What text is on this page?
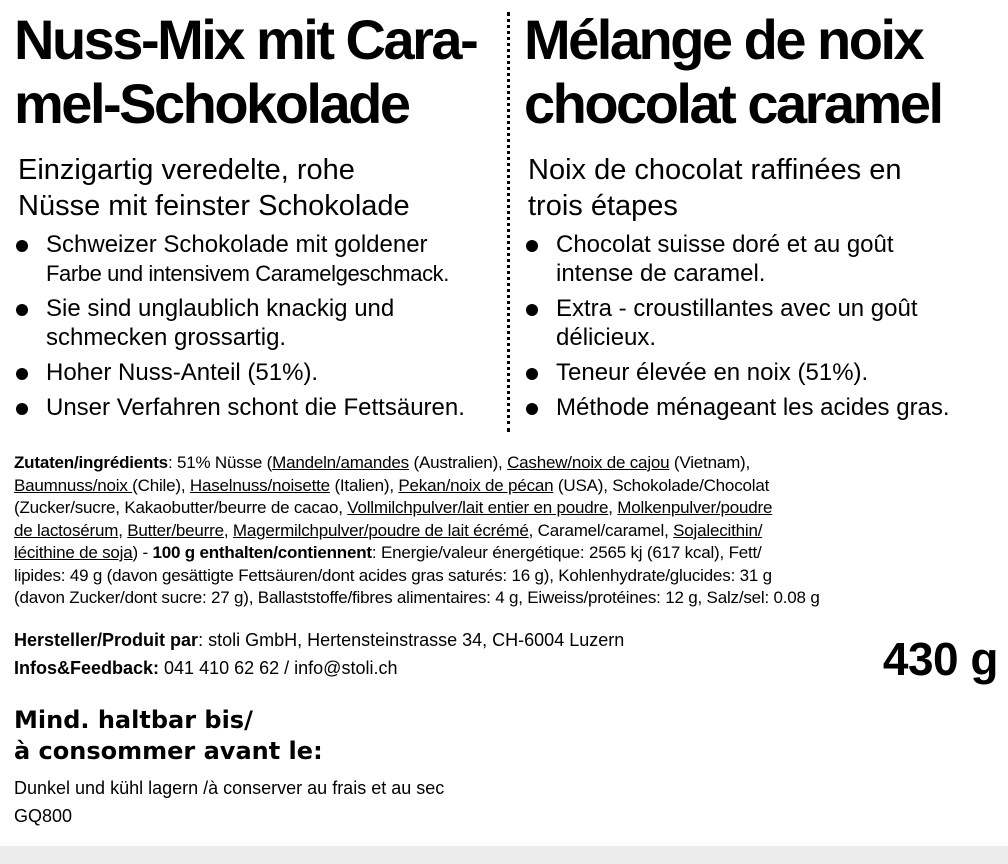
Nuss-Mix mit Cara-
mel-Schokolade
Einzigartig veredelte, rohe
Nüsse mit feinster Schokolade
Schweizer Schokolade mit goldener
Farbe und intensivem Caramelgeschmack.
Sie sind unglaublich knackig und
schmecken grossartig.
Hoher Nuss-Anteil (51%).
Unser Verfahren schont die Fettsäuren.
Mélange de noix
chocolat caramel
Noix de chocolat raffinées en
trois étapes
Chocolat suisse doré et au goût
intense de caramel.
Extra - croustillantes avec un goût
délicieux.
Teneur élevée en noix (51%).
Méthode ménageant les acides gras.
Zutaten/ingrédients: 51% Nüsse (Mandeln/amandes (Australien), Cashew/noix de cajou (Vietnam),
Baumnuss/noix (Chile), Haselnuss/noisette (Italien), Pekan/noix de pécan (USA), Schokolade/Chocolat
(Zucker/sucre, Kakaobutter/beurre de cacao, Vollmilchpulver/lait entier en poudre, Molkenpulver/poudre
de lactosérum, Butter/beurre, Magermilchpulver/poudre de lait écrémé, Caramel/caramel, Sojalecithin/
lécithine de soja) - 100 g enthalten/contiennent: Energie/valeur énergétique: 2565 kj (617 kcal), Fett/
lipides: 49 g (davon gesättigte Fettsäuren/dont acides gras saturés: 16 g), Kohlenhydrate/glucides: 31 g
(davon Zucker/dont sucre: 27 g), Ballaststoffe/fibres alimentaires: 4 g, Eiweiss/protéines: 12 g, Salz/sel: 0.08 g
Hersteller/Produit par: stoli GmbH, Hertensteinstrasse 34, CH-6004 Luzern
Infos&Feedback: 041 410 62 62 / info@stoli.ch	430 g
Mind. haltbar bis/
à consommer avant le:
Dunkel und kühl lagern /à conserver au frais et au sec
GQ800
